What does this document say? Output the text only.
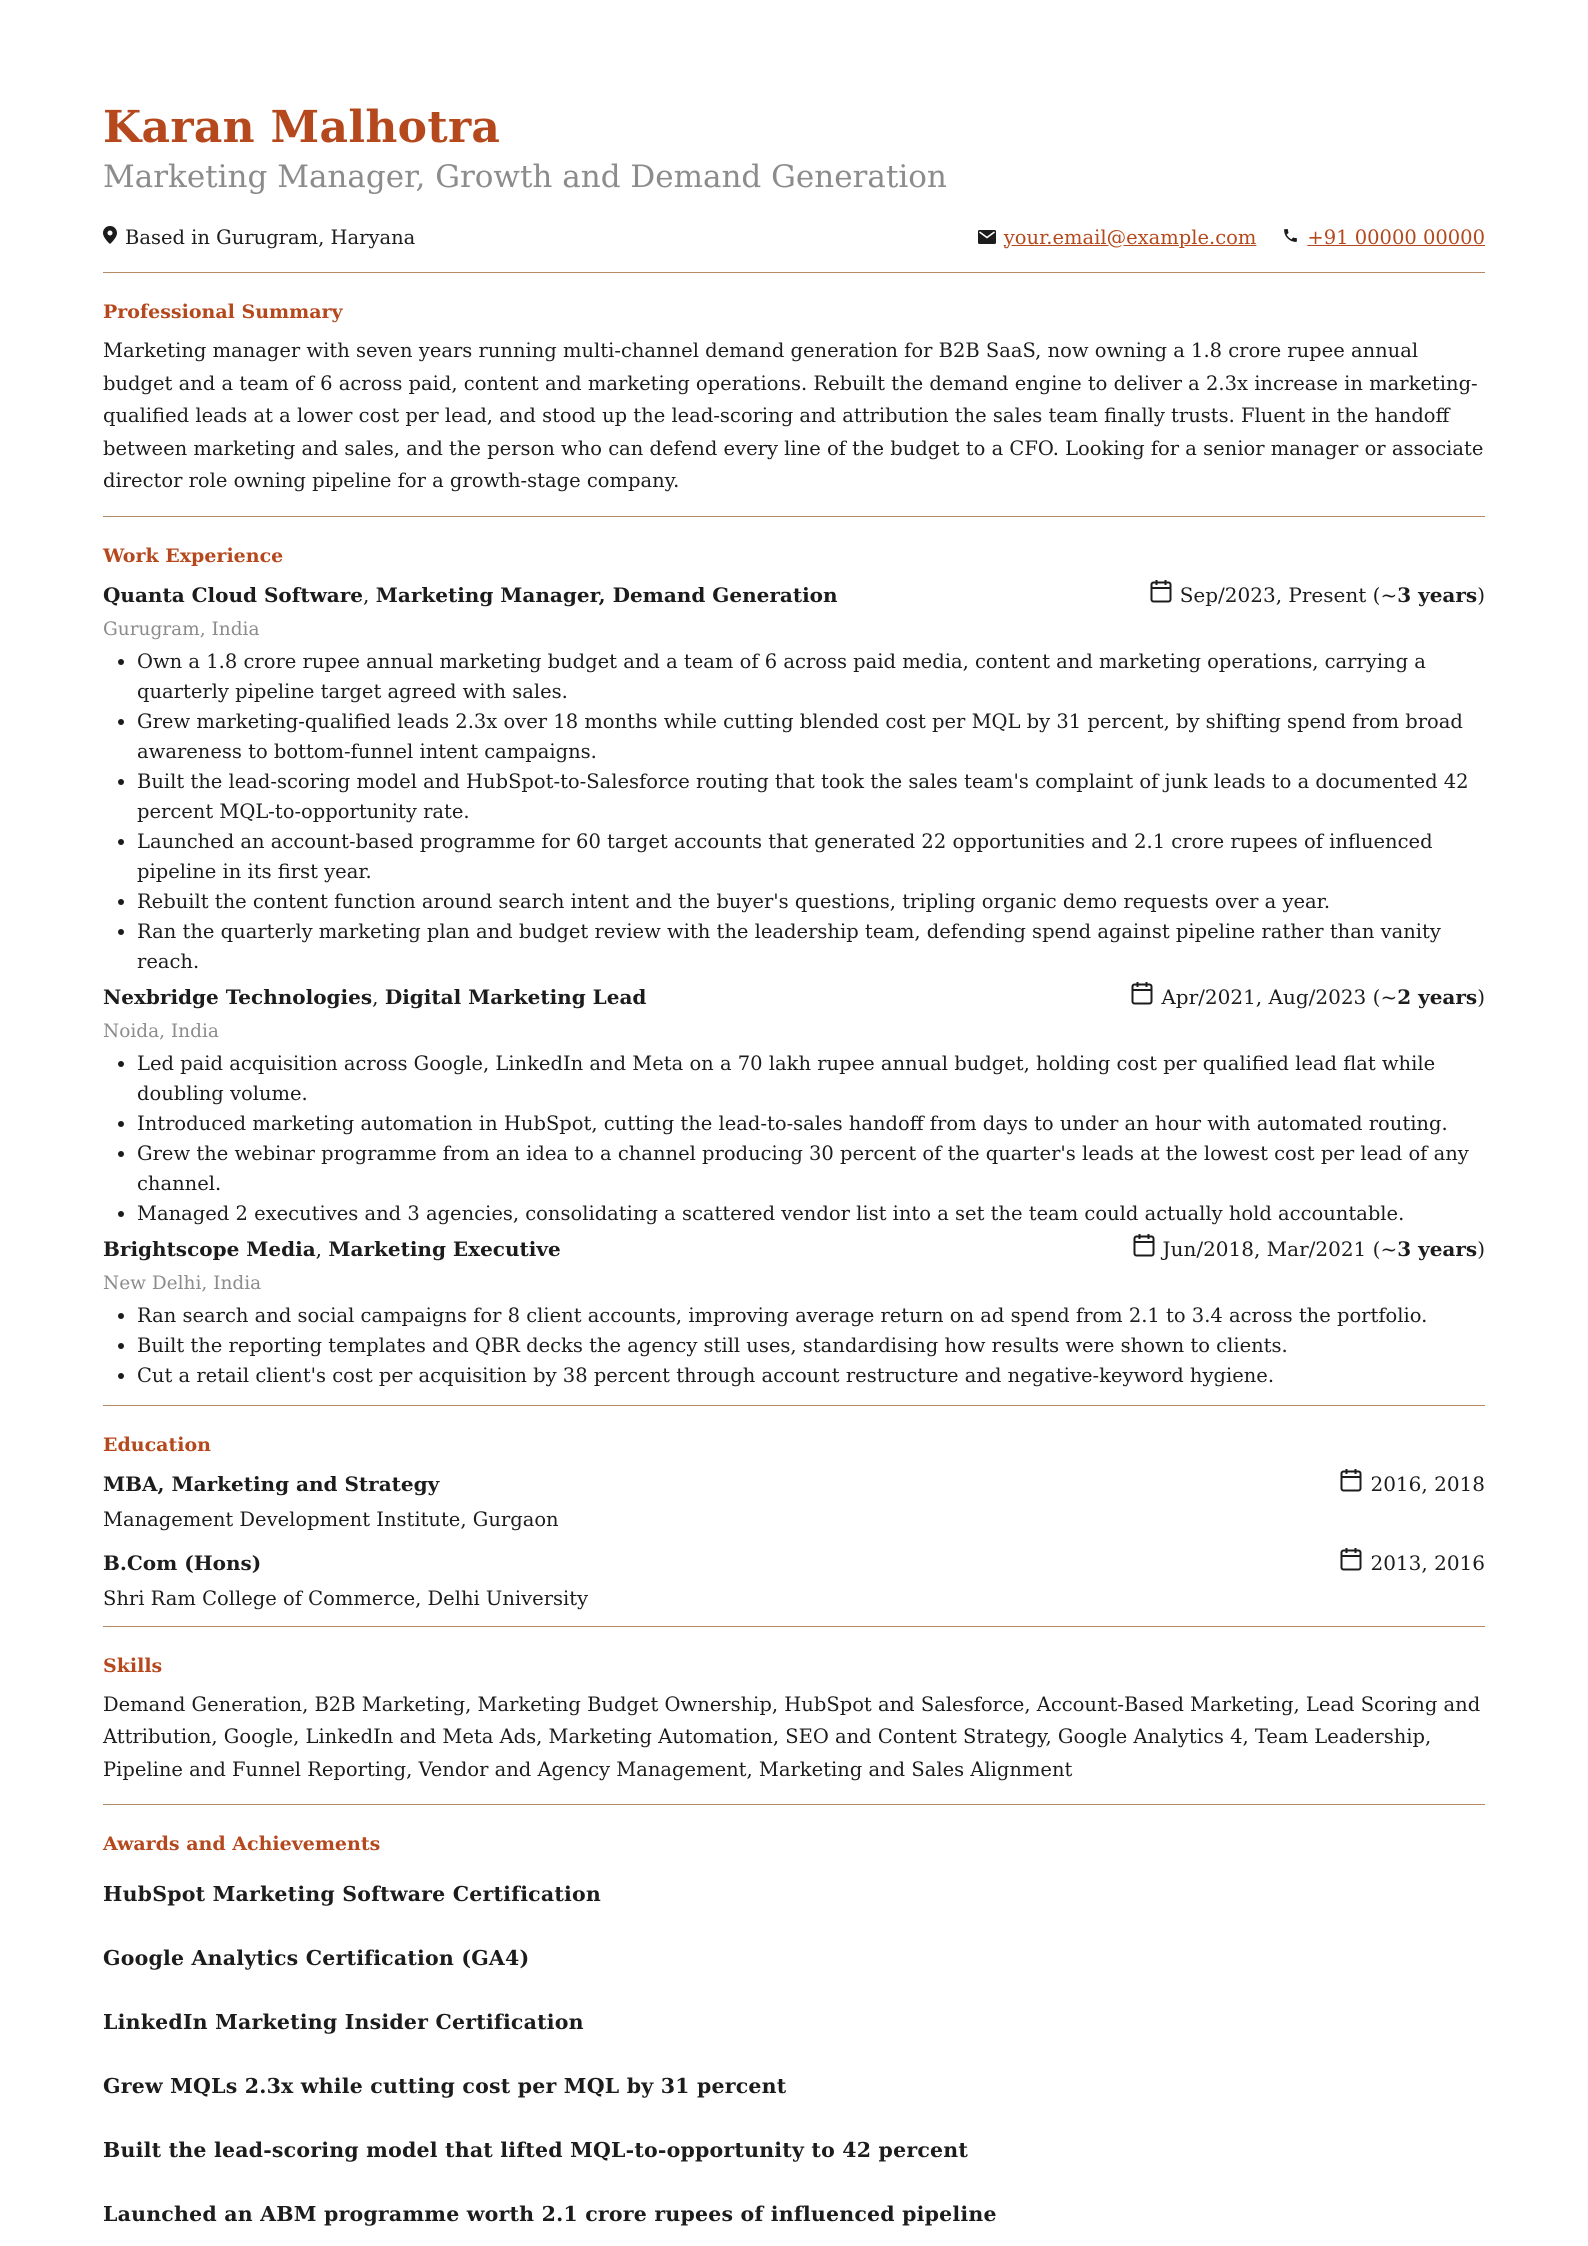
Karan Malhotra
Marketing Manager, Growth and Demand Generation
Based in Gurugram, Haryana	your.email@example.com	+91 00000 00000
Professional Summary

Marketing manager with seven years running multi-channel demand generation for B2B SaaS, now owning a 1.8 crore rupee annual budget and a team of 6 across paid, content and marketing operations. Rebuilt the demand engine to deliver a 2.3x increase in marketing-qualified leads at a lower cost per lead, and stood up the lead-scoring and attribution the sales team finally trusts. Fluent in the handoff between marketing and sales, and the person who can defend every line of the budget to a CFO. Looking for a senior manager or associate director role owning pipeline for a growth-stage company.

Work Experience
Quanta Cloud Software, Marketing Manager, Demand Generation	Sep/2023, Present (~ 3 years )
Gurugram, India
• Own a 1.8 crore rupee annual marketing budget and a team of 6 across paid media, content and marketing operations, carrying a quarterly pipeline target agreed with sales.
• Grew marketing-qualified leads 2.3x over 18 months while cutting blended cost per MQL by 31 percent, by shifting spend from broad awareness to bottom-funnel intent campaigns.
• Built the lead-scoring model and HubSpot-to-Salesforce routing that took the sales team's complaint of junk leads to a documented 42 percent MQL-to-opportunity rate.
• Launched an account-based programme for 60 target accounts that generated 22 opportunities and 2.1 crore rupees of influenced pipeline in its first year.
• Rebuilt the content function around search intent and the buyer's questions, tripling organic demo requests over a year.
• Ran the quarterly marketing plan and budget review with the leadership team, defending spend against pipeline rather than vanity reach.
Nexbridge Technologies, Digital Marketing Lead	Apr/2021, Aug/2023 (~ 2 years )
Noida, India
• Led paid acquisition across Google, LinkedIn and Meta on a 70 lakh rupee annual budget, holding cost per qualified lead flat while doubling volume.
• Introduced marketing automation in HubSpot, cutting the lead-to-sales handoff from days to under an hour with automated routing.
• Grew the webinar programme from an idea to a channel producing 30 percent of the quarter's leads at the lowest cost per lead of any channel.
• Managed 2 executives and 3 agencies, consolidating a scattered vendor list into a set the team could actually hold accountable.
Brightscope Media, Marketing Executive	Jun/2018, Mar/2021 (~ 3 years )
New Delhi, India
• Ran search and social campaigns for 8 client accounts, improving average return on ad spend from 2.1 to 3.4 across the portfolio.
• Built the reporting templates and QBR decks the agency still uses, standardising how results were shown to clients.
• Cut a retail client's cost per acquisition by 38 percent through account restructure and negative-keyword hygiene.
Education
MBA, Marketing and Strategy	2016, 2018
Management Development Institute, Gurgaon
B.Com (Hons)	2013, 2016
Shri Ram College of Commerce, Delhi University
Skills

Demand Generation, B2B Marketing, Marketing Budget Ownership, HubSpot and Salesforce, Account-Based Marketing, Lead Scoring and Attribution, Google, LinkedIn and Meta Ads, Marketing Automation, SEO and Content Strategy, Google Analytics 4, Team Leadership, Pipeline and Funnel Reporting, Vendor and Agency Management, Marketing and Sales Alignment

Awards and Achievements
HubSpot Marketing Software Certification
Google Analytics Certification (GA4)
LinkedIn Marketing Insider Certification
Grew MQLs 2.3x while cutting cost per MQL by 31 percent
Built the lead-scoring model that lifted MQL-to-opportunity to 42 percent
Launched an ABM programme worth 2.1 crore rupees of influenced pipeline
